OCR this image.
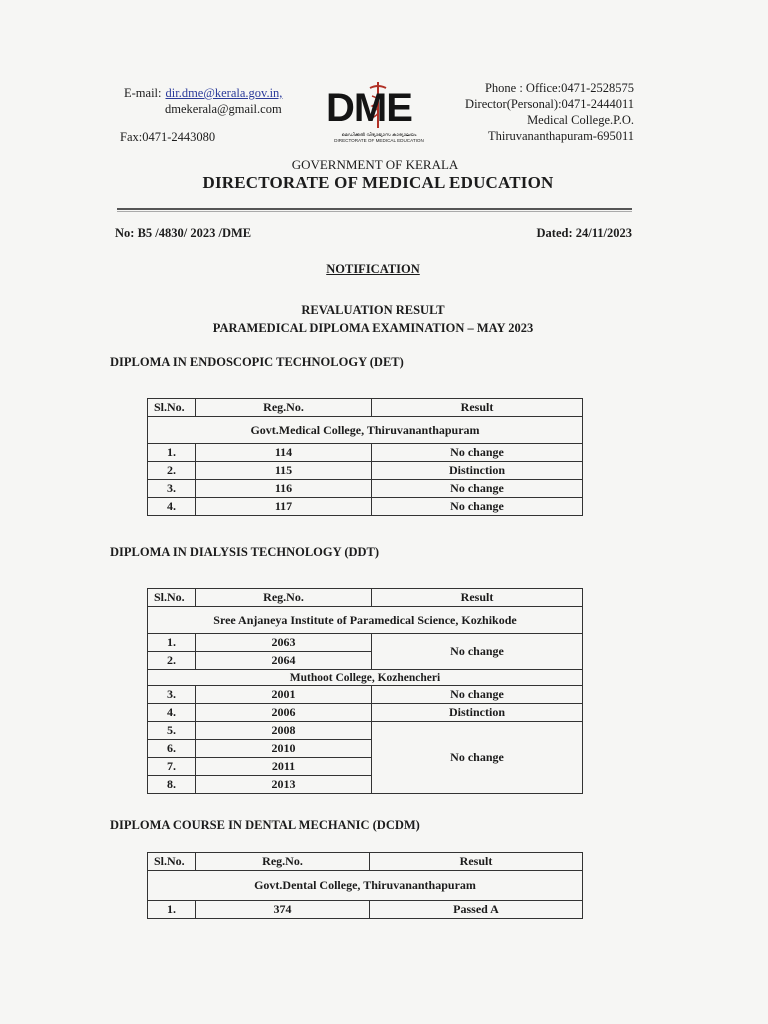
E-mail: dir.dme@kerala.gov.in,
dmekerala@gmail.com
Fax:0471-2443080
DME
മെഡിക്കൽ വിദ്യാഭ്യാസ കാര്യാലയം
DIRECTORATE OF MEDICAL EDUCATION
Phone : Office:0471-2528575
Director(Personal):0471-2444011
Medical College.P.O.
Thiruvananthapuram-695011
GOVERNMENT OF KERALA
DIRECTORATE OF MEDICAL EDUCATION
No: B5 /4830/ 2023 /DME	Dated: 24/11/2023
NOTIFICATION
REVALUATION RESULT
PARAMEDICAL DIPLOMA EXAMINATION – MAY 2023
DIPLOMA IN ENDOSCOPIC TECHNOLOGY (DET)
Sl.No.	Reg.No.	Result
Govt.Medical College, Thiruvananthapuram		
1.	114	No change
2.	115	Distinction
3.	116	No change
4.	117	No change
DIPLOMA IN DIALYSIS TECHNOLOGY (DDT)
Sl.No.	Reg.No.	Result
Sree Anjaneya Institute of Paramedical Science, Kozhikode		
1.	2063	No change
2.	2064	
Muthoot College, Kozhencheri		
3.	2001	No change
4.	2006	Distinction
5.	2008	No change
6.	2010	
7.	2011	
8.	2013	
DIPLOMA COURSE IN DENTAL MECHANIC (DCDM)
Sl.No.	Reg.No.	Result
Govt.Dental College, Thiruvananthapuram		
1.	374	Passed A
